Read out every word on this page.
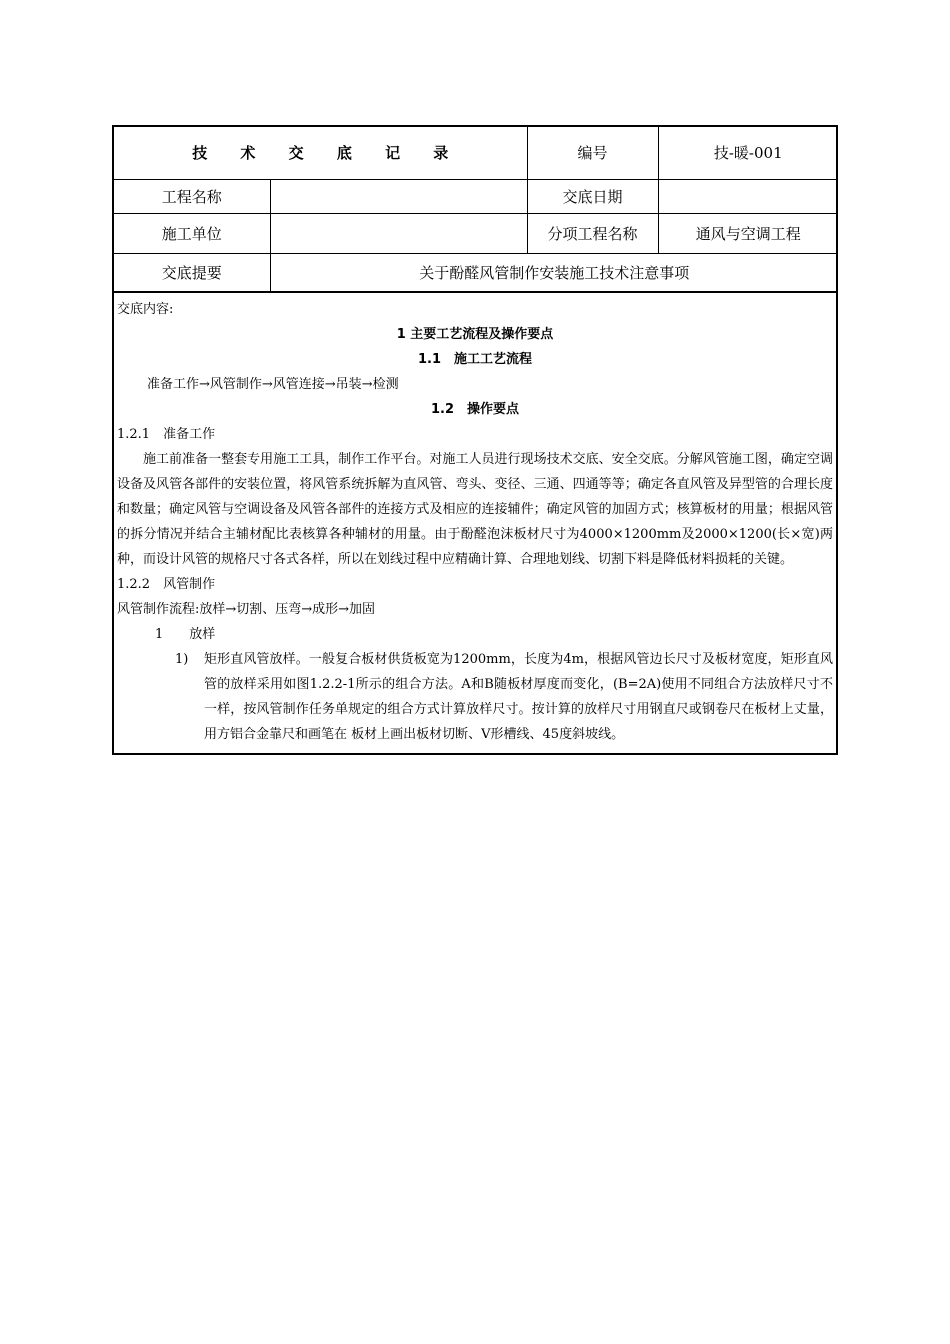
技 术 交 底 记 录		编号	技-暖-001
工程名称		交底日期	
施工单位		分项工程名称	通风与空调工程
交底提要	关于酚醛风管制作安装施工技术注意事项		

交底内容:

1 主要工艺流程及操作要点

1.1　施工工艺流程

准备工作→风管制作→风管连接→吊装→检测

1.2　操作要点

1.2.1　准备工作

施工前准备一整套专用施工工具，制作工作平台。对施工人员进行现场技术交底、安全交底。分解风管施工图，确定空调设备及风管各部件的安装位置，将风管系统拆解为直风管、弯头、变径、三通、四通等等；确定各直风管及异型管的合理长度和数量；确定风管与空调设备及风管各部件的连接方式及相应的连接辅件；确定风管的加固方式；核算板材的用量；根据风管的拆分情况并结合主辅材配比表核算各种辅材的用量。由于酚醛泡沫板材尺寸为4000×1200mm及2000×1200(长×宽)两种，而设计风管的规格尺寸各式各样，所以在划线过程中应精确计算、合理地划线、切割下料是降低材料损耗的关键。

1.2.2　风管制作

风管制作流程:放样→切割、压弯→成形→加固

1　　放样

1)	矩形直风管放样。一般复合板材供货板宽为1200mm，长度为4m，根据风管边长尺寸及板材宽度，矩形直风管的放样采用如图1.2.2-1所示的组合方法。A和B随板材厚度而变化，(B=2A)使用不同组合方法放样尺寸不一样，按风管制作任务单规定的组合方式计算放样尺寸。按计算的放样尺寸用钢直尺或钢卷尺在板材上丈量，用方铝合金靠尺和画笔在 板材上画出板材切断、V形槽线、45度斜坡线。
